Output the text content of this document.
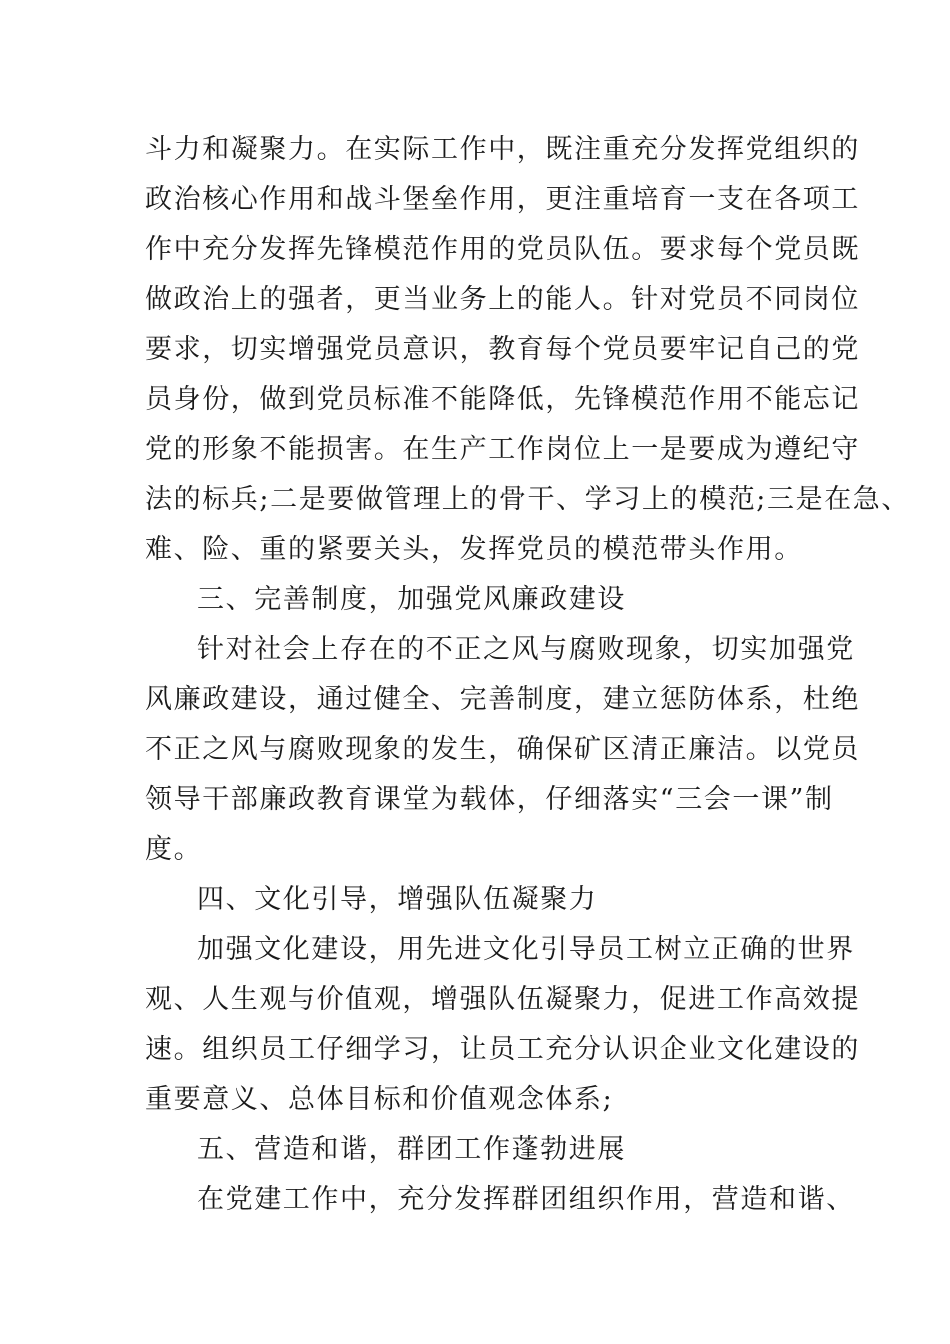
斗力和凝聚力。在实际工作中，既注重充分发挥党组织的
政治核心作用和战斗堡垒作用，更注重培育一支在各项工
作中充分发挥先锋模范作用的党员队伍。要求每个党员既
做政治上的强者，更当业务上的能人。针对党员不同岗位
要求，切实增强党员意识，教育每个党员要牢记自己的党
员身份，做到党员标准不能降低，先锋模范作用不能忘记
党的形象不能损害。在生产工作岗位上一是要成为遵纪守
法的标兵;二是要做管理上的骨干、学习上的模范;三是在急、
难、险、重的紧要关头，发挥党员的模范带头作用。
三、完善制度，加强党风廉政建设
针对社会上存在的不正之风与腐败现象，切实加强党
风廉政建设，通过健全、完善制度，建立惩防体系，杜绝
不正之风与腐败现象的发生，确保矿区清正廉洁。以党员
领导干部廉政教育课堂为载体，仔细落实“三会一课”制
度。
四、文化引导，增强队伍凝聚力
加强文化建设，用先进文化引导员工树立正确的世界
观、人生观与价值观，增强队伍凝聚力，促进工作高效提
速。组织员工仔细学习，让员工充分认识企业文化建设的
重要意义、总体目标和价值观念体系;
五、营造和谐，群团工作蓬勃进展
在党建工作中，充分发挥群团组织作用，营造和谐、
